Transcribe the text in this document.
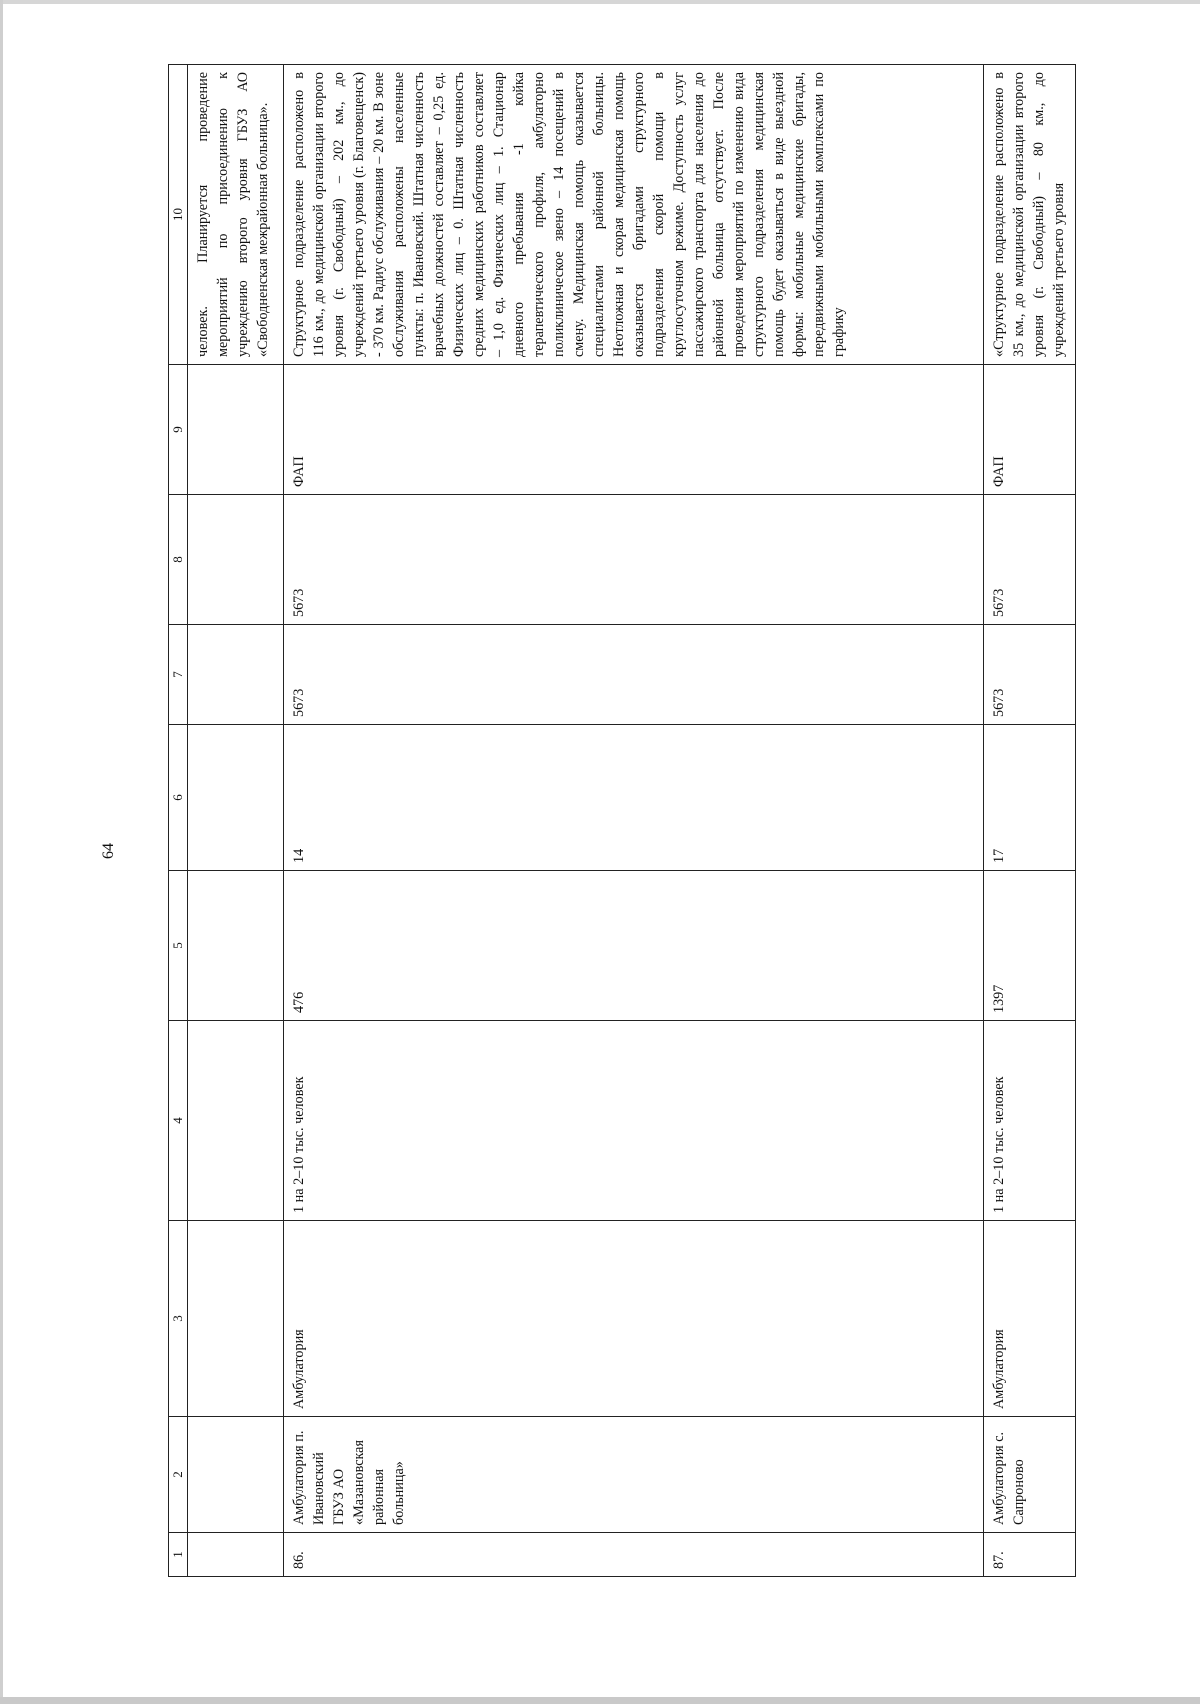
64
1	2	3	4	5	6	7	8	9	10
									человек. Планируется проведение мероприятий по присоединению к учреждению второго уровня ГБУЗ АО «Свободненская межрайонная больница».
86.	Амбулатория п. Ивановский ГБУЗ АО «Мазановская районная больница»	Амбулатория	1 на 2–10 тыс. человек	476	14	5673	5673	ФАП	Структурное подразделение расположено в 116 км., до медицинской организации второго уровня (г. Свободный) – 202 км., до учреждений третьего уровня (г. Благовещенск) - 370 км. Радиус обслуживания – 20 км. В зоне обслуживания расположены населенные пункты: п. Ивановский. Штатная численность врачебных должностей составляет – 0,25 ед. Физических лиц – 0. Штатная численность средних медицинских работников составляет – 1,0 ед. Физических лиц – 1. Стационар дневного пребывания -1 койка терапевтического профиля, амбулаторно поликлиническое звено – 14 посещений в смену. Медицинская помощь оказывается специалистами районной больницы. Неотложная и скорая медицинская помощь оказывается бригадами структурного подразделения скорой помощи в круглосуточном режиме. Доступность услуг пассажирского транспорта для населения до районной больница отсутствует. После проведения мероприятий по изменению вида структурного подразделения медицинская помощь будет оказываться в виде выездной формы: мобильные медицинские бригады, передвижными мобильными комплексами по графику
87.	Амбулатория с. Сапроново	Амбулатория	1 на 2–10 тыс. человек	1397	17	5673	5673	ФАП	«Структурное подразделение расположено в 35 км., до медицинской организации второго уровня (г. Свободный) – 80 км., до учреждений третьего уровня
